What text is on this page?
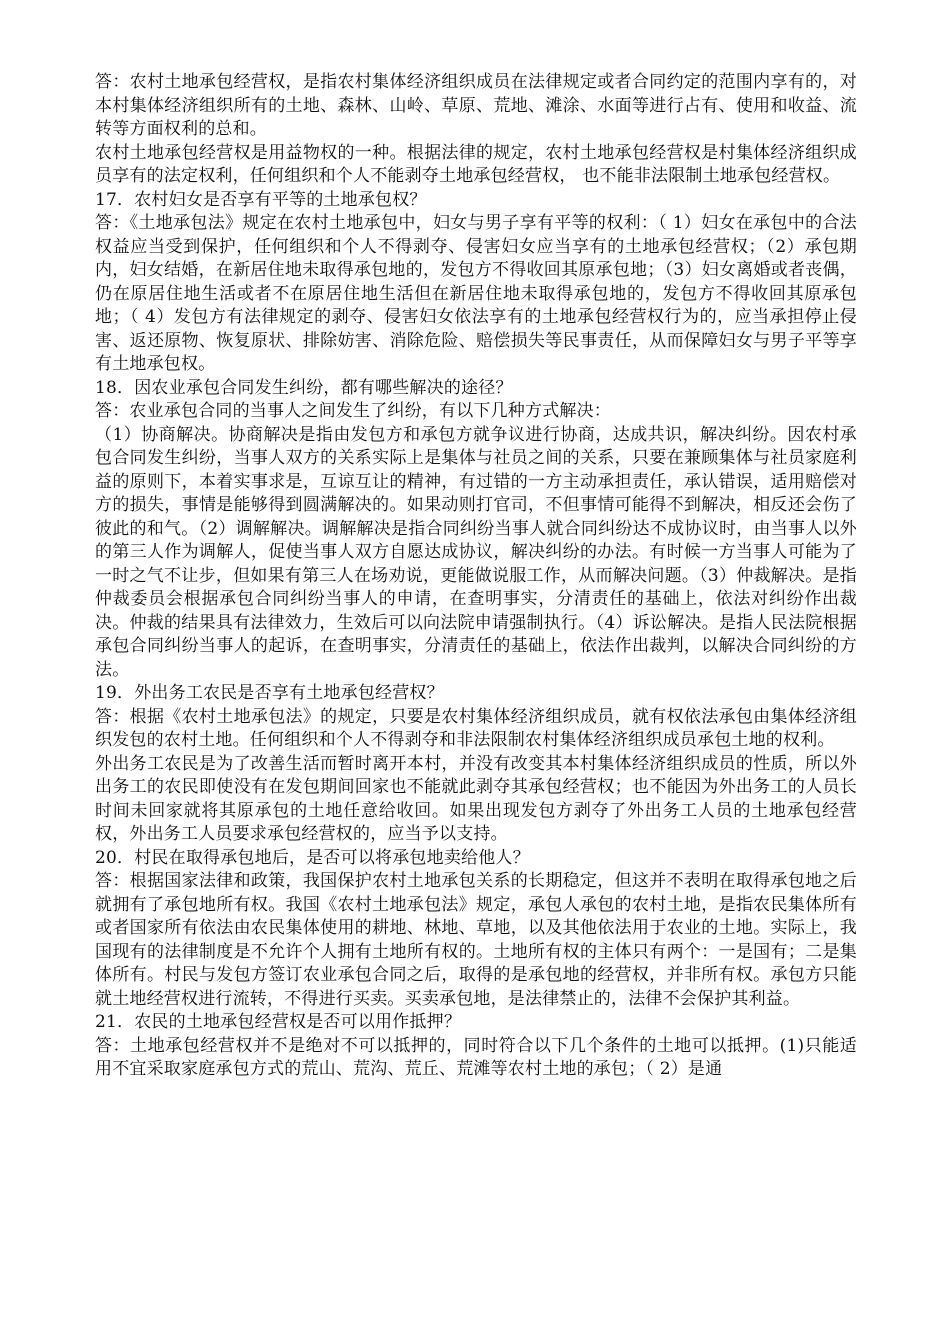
答：农村土地承包经营权，是指农村集体经济组织成员在法律规定或者合同约定的范围内享有的，对本村集体经济组织所有的土地、森林、山岭、草原、荒地、滩涂、水面等进行占有、使用和收益、流转等方面权利的总和。

农村土地承包经营权是用益物权的一种。根据法律的规定，农村土地承包经营权是村集体经济组织成员享有的法定权利，任何组织和个人不能剥夺土地承包经营权， 也不能非法限制土地承包经营权。

17．农村妇女是否享有平等的土地承包权？

答：《土地承包法》规定在农村土地承包中，妇女与男子享有平等的权利：（ 1）妇女在承包中的合法权益应当受到保护，任何组织和个人不得剥夺、侵害妇女应当享有的土地承包经营权；（2）承包期内，妇女结婚，在新居住地未取得承包地的，发包方不得收回其原承包地；（3）妇女离婚或者丧偶，仍在原居住地生活或者不在原居住地生活但在新居住地未取得承包地的，发包方不得收回其原承包地；（ 4）发包方有法律规定的剥夺、侵害妇女依法享有的土地承包经营权行为的，应当承担停止侵害、返还原物、恢复原状、排除妨害、消除危险、赔偿损失等民事责任，从而保障妇女与男子平等享有土地承包权。

18．因农业承包合同发生纠纷，都有哪些解决的途径？

答：农业承包合同的当事人之间发生了纠纷，有以下几种方式解决：

（1）协商解决。协商解决是指由发包方和承包方就争议进行协商，达成共识，解决纠纷。因农村承包合同发生纠纷，当事人双方的关系实际上是集体与社员之间的关系，只要在兼顾集体与社员家庭利益的原则下，本着实事求是，互谅互让的精神，有过错的一方主动承担责任，承认错误，适用赔偿对方的损失，事情是能够得到圆满解决的。如果动则打官司，不但事情可能得不到解决，相反还会伤了彼此的和气。（2）调解解决。调解解决是指合同纠纷当事人就合同纠纷达不成协议时，由当事人以外的第三人作为调解人，促使当事人双方自愿达成协议，解决纠纷的办法。有时候一方当事人可能为了一时之气不让步，但如果有第三人在场劝说，更能做说服工作，从而解决问题。（3）仲裁解决。是指仲裁委员会根据承包合同纠纷当事人的申请，在查明事实，分清责任的基础上，依法对纠纷作出裁决。仲裁的结果具有法律效力，生效后可以向法院申请强制执行。（4）诉讼解决。是指人民法院根据承包合同纠纷当事人的起诉，在查明事实，分清责任的基础上，依法作出裁判，以解决合同纠纷的方法。

19．外出务工农民是否享有土地承包经营权？

答：根据《农村土地承包法》的规定，只要是农村集体经济组织成员，就有权依法承包由集体经济组织发包的农村土地。任何组织和个人不得剥夺和非法限制农村集体经济组织成员承包土地的权利。

外出务工农民是为了改善生活而暂时离开本村，并没有改变其本村集体经济组织成员的性质，所以外出务工的农民即使没有在发包期间回家也不能就此剥夺其承包经营权；也不能因为外出务工的人员长时间未回家就将其原承包的土地任意给收回。如果出现发包方剥夺了外出务工人员的土地承包经营权，外出务工人员要求承包经营权的，应当予以支持。

20．村民在取得承包地后，是否可以将承包地卖给他人？

答：根据国家法律和政策，我国保护农村土地承包关系的长期稳定，但这并不表明在取得承包地之后就拥有了承包地所有权。我国《农村土地承包法》规定，承包人承包的农村土地，是指农民集体所有或者国家所有依法由农民集体使用的耕地、林地、草地，以及其他依法用于农业的土地。实际上，我国现有的法律制度是不允许个人拥有土地所有权的。土地所有权的主体只有两个：一是国有；二是集体所有。村民与发包方签订农业承包合同之后，取得的是承包地的经营权，并非所有权。承包方只能就土地经营权进行流转，不得进行买卖。买卖承包地，是法律禁止的，法律不会保护其利益。

21．农民的土地承包经营权是否可以用作抵押？

答：土地承包经营权并不是绝对不可以抵押的，同时符合以下几个条件的土地可以抵押。(1)只能适用不宜采取家庭承包方式的荒山、荒沟、荒丘、荒滩等农村土地的承包；（ 2）是通
